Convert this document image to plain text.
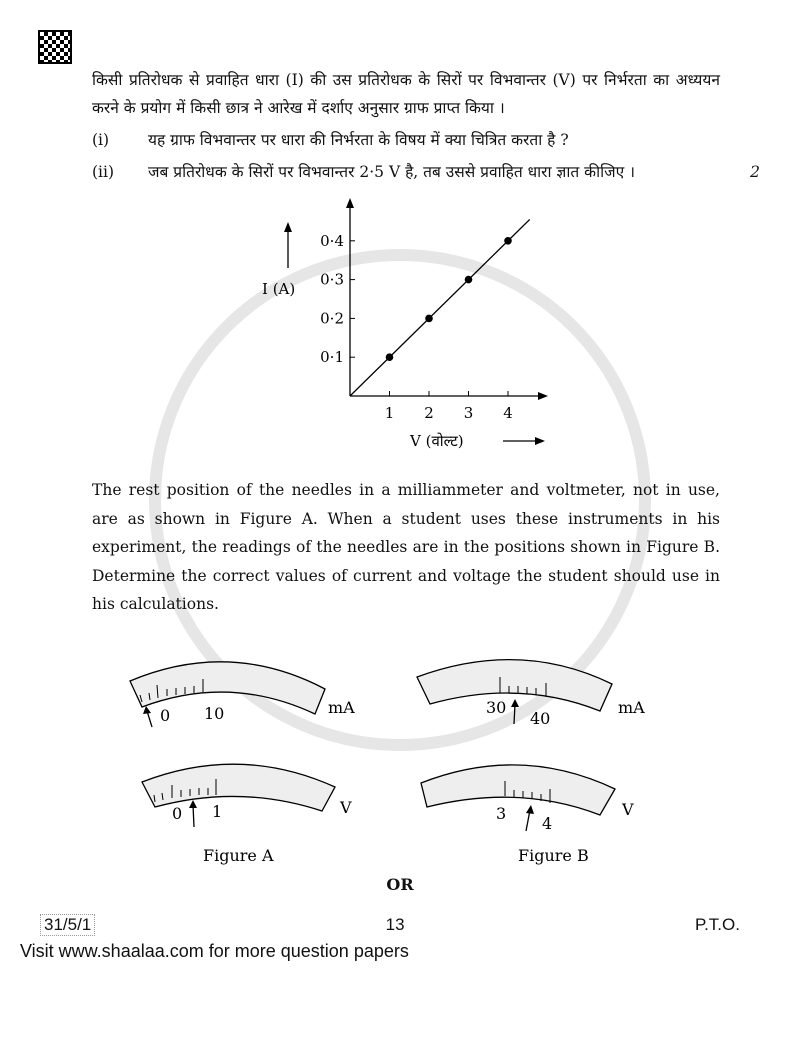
किसी प्रतिरोधक से प्रवाहित धारा (I) की उस प्रतिरोधक के सिरों पर विभवान्तर (V) पर निर्भरता का अध्ययन करने के प्रयोग में किसी छात्र ने आरेख में दर्शाए अनुसार ग्राफ प्राप्त किया ।

(i)	यह ग्राफ विभवान्तर पर धारा की निर्भरता के विषय में क्या चित्रित करता है ?
(ii)	जब प्रतिरोधक के सिरों पर विभवान्तर 2·5 V है, तब उससे प्रवाहित धारा ज्ञात कीजिए ।	2
I (A)
V (वोल्ट)
1 2 3 4
0·1
0·2
0·3
0·4
The rest position of the needles in a milliammeter and voltmeter, not in use, are as shown in Figure A. When a student uses these instruments in his experiment, the readings of the needles are in the positions shown in Figure B. Determine the correct values of current and voltage the student should use in his calculations.
0 10	mA
0 1	V
30
40
mA
3
4
V
Figure A	Figure B
OR
31/5/1	13	P.T.O.
Visit www.shaalaa.com for more question papers
